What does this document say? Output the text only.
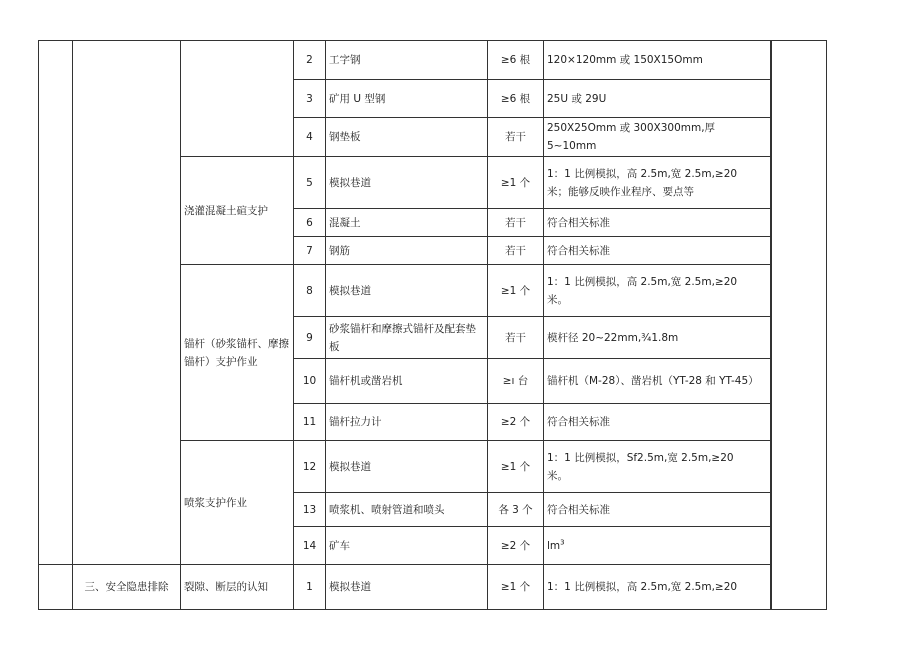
			2	工字钢	≥6 根	120×120mm 或 150X15Omm		
			3	矿用 U 型钢	≥6 根	25U 或 29U	
			4	钢垫板	若干	250X25Omm 或 300X300mm,厚 5~10mm	
		浇灌混凝土碹支护	5	模拟巷道	≥1 个	1：1 比例模拟，高 2.5m,宽 2.5m,≥20
米；能够反映作业程序、要点等	

			6	混凝土	若干	符合相关标准	
			7	钢筋	若干	符合相关标准	
		锚杆（砂浆锚杆、摩擦锚杆）支护作业	8	模拟巷道	≥1 个	1：1 比例模拟，高 2.5m,宽 2.5m,≥20
米。	

			9	砂浆锚杆和摩擦式锚杆及配套垫板	若干	模杆径 20~22mm,¾1.8m	
			10	锚杆机或凿岩机	≥ı 台	锚杆机（M-28）、凿岩机（YT-28 和 YT-45）	
			11	锚杆拉力计	≥2 个	符合相关标准	
		喷浆支护作业	12	模拟巷道	≥1 个	1：1 比例模拟，Sf2.5m,宽 2.5m,≥20
米。	

			13	喷浆机、喷射管道和喷头	各 3 个	符合相关标准	
			14	矿车	≥2 个	$lm^3$
	三、安全隐患排除	裂隙、断层的认知	1	模拟巷道	≥1 个	1：1 比例模拟，高 2.5m,宽 2.5m,≥20	
